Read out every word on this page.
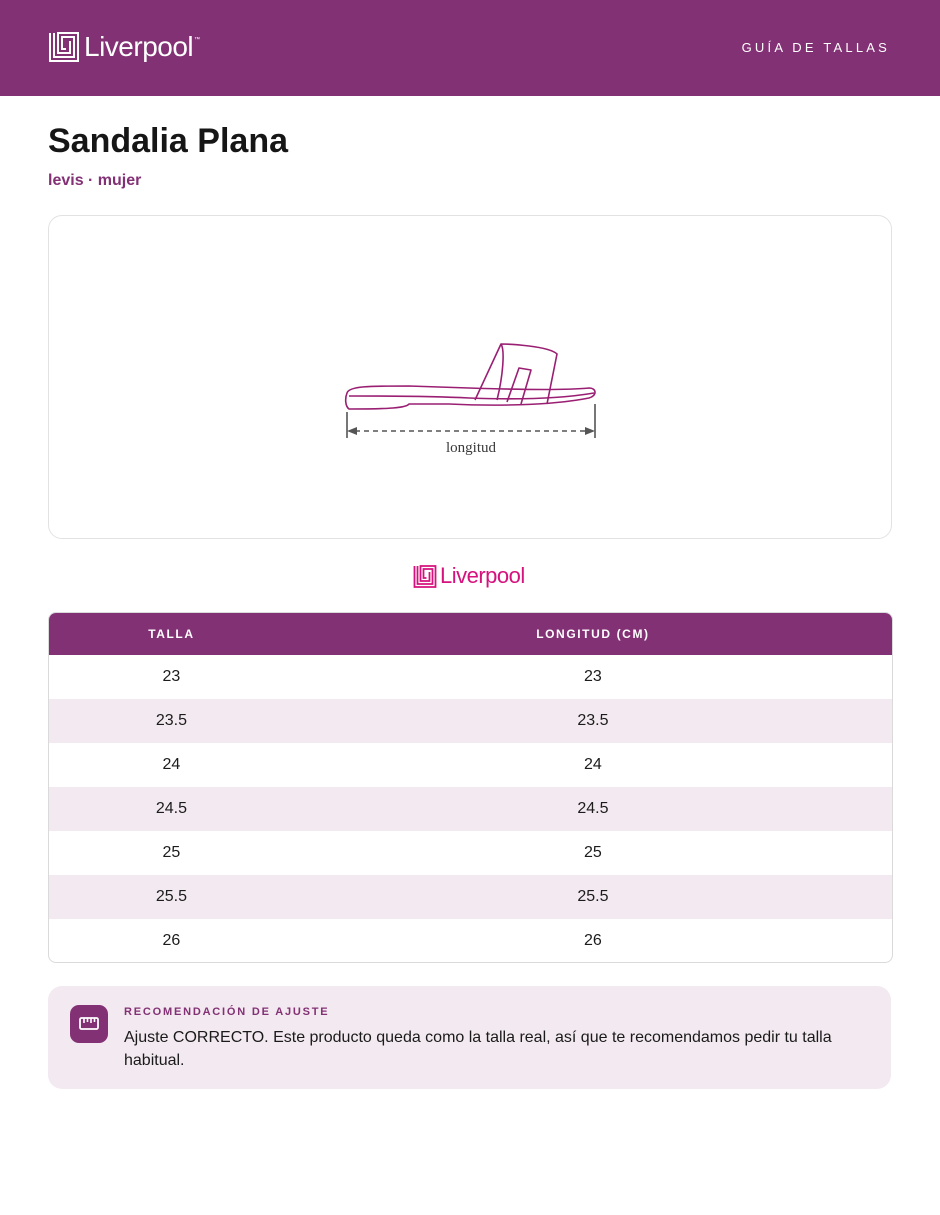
Liverpool ™	GUÍA DE TALLAS
Sandalia Plana
levis · mujer
longitud
Liverpool
TALLA	LONGITUD (CM)
23	23
23.5	23.5
24	24
24.5	24.5
25	25
25.5	25.5
26	26
RECOMENDACIÓN DE AJUSTE
Ajuste CORRECTO. Este producto queda como la talla real, así que te recomendamos pedir tu talla habitual.
